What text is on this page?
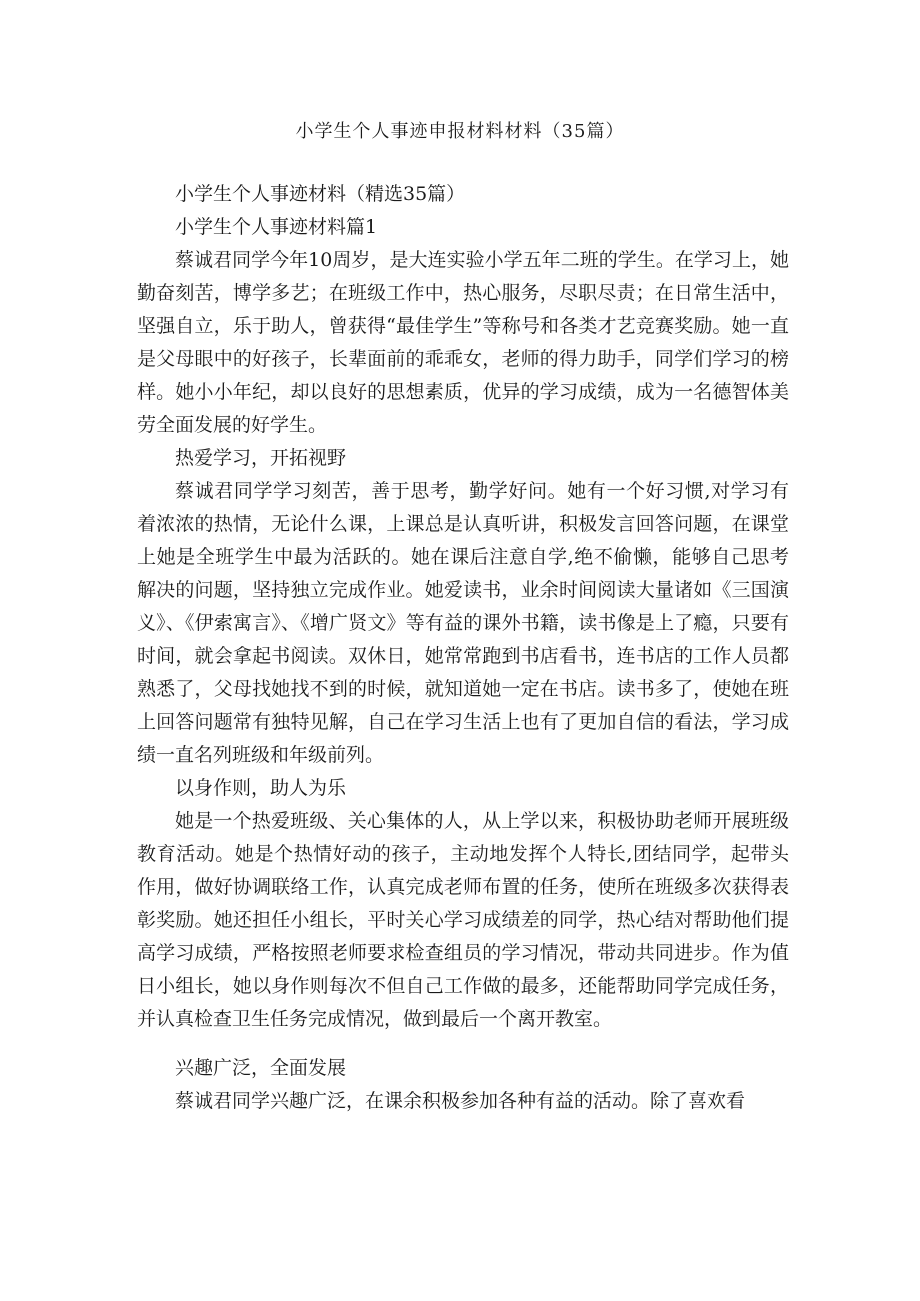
小学生个人事迹申报材料材料（35篇）

小学生个人事迹材料（精选35篇）

小学生个人事迹材料篇1

蔡诚君同学今年10周岁，是大连实验小学五年二班的学生。在学习上，她勤奋刻苦，博学多艺；在班级工作中，热心服务，尽职尽责；在日常生活中，坚强自立，乐于助人，曾获得“最佳学生”等称号和各类才艺竞赛奖励。她一直是父母眼中的好孩子，长辈面前的乖乖女，老师的得力助手，同学们学习的榜样。她小小年纪，却以良好的思想素质，优异的学习成绩，成为一名德智体美劳全面发展的好学生。

热爱学习，开拓视野

蔡诚君同学学习刻苦，善于思考，勤学好问。她有一个好习惯,对学习有着浓浓的热情，无论什么课，上课总是认真听讲，积极发言回答问题，在课堂上她是全班学生中最为活跃的。她在课后注意自学,绝不偷懒，能够自己思考解决的问题，坚持独立完成作业。她爱读书，业余时间阅读大量诸如《三国演义》、《伊索寓言》、《增广贤文》等有益的课外书籍，读书像是上了瘾，只要有时间，就会拿起书阅读。双休日，她常常跑到书店看书，连书店的工作人员都熟悉了，父母找她找不到的时候，就知道她一定在书店。读书多了，使她在班上回答问题常有独特见解，自己在学习生活上也有了更加自信的看法，学习成绩一直名列班级和年级前列。

以身作则，助人为乐

她是一个热爱班级、关心集体的人，从上学以来，积极协助老师开展班级教育活动。她是个热情好动的孩子，主动地发挥个人特长,团结同学，起带头作用，做好协调联络工作，认真完成老师布置的任务，使所在班级多次获得表彰奖励。她还担任小组长，平时关心学习成绩差的同学，热心结对帮助他们提高学习成绩，严格按照老师要求检查组员的学习情况，带动共同进步。作为值日小组长，她以身作则每次不但自己工作做的最多，还能帮助同学完成任务，并认真检查卫生任务完成情况，做到最后一个离开教室。

兴趣广泛，全面发展

蔡诚君同学兴趣广泛，在课余积极参加各种有益的活动。除了喜欢看
